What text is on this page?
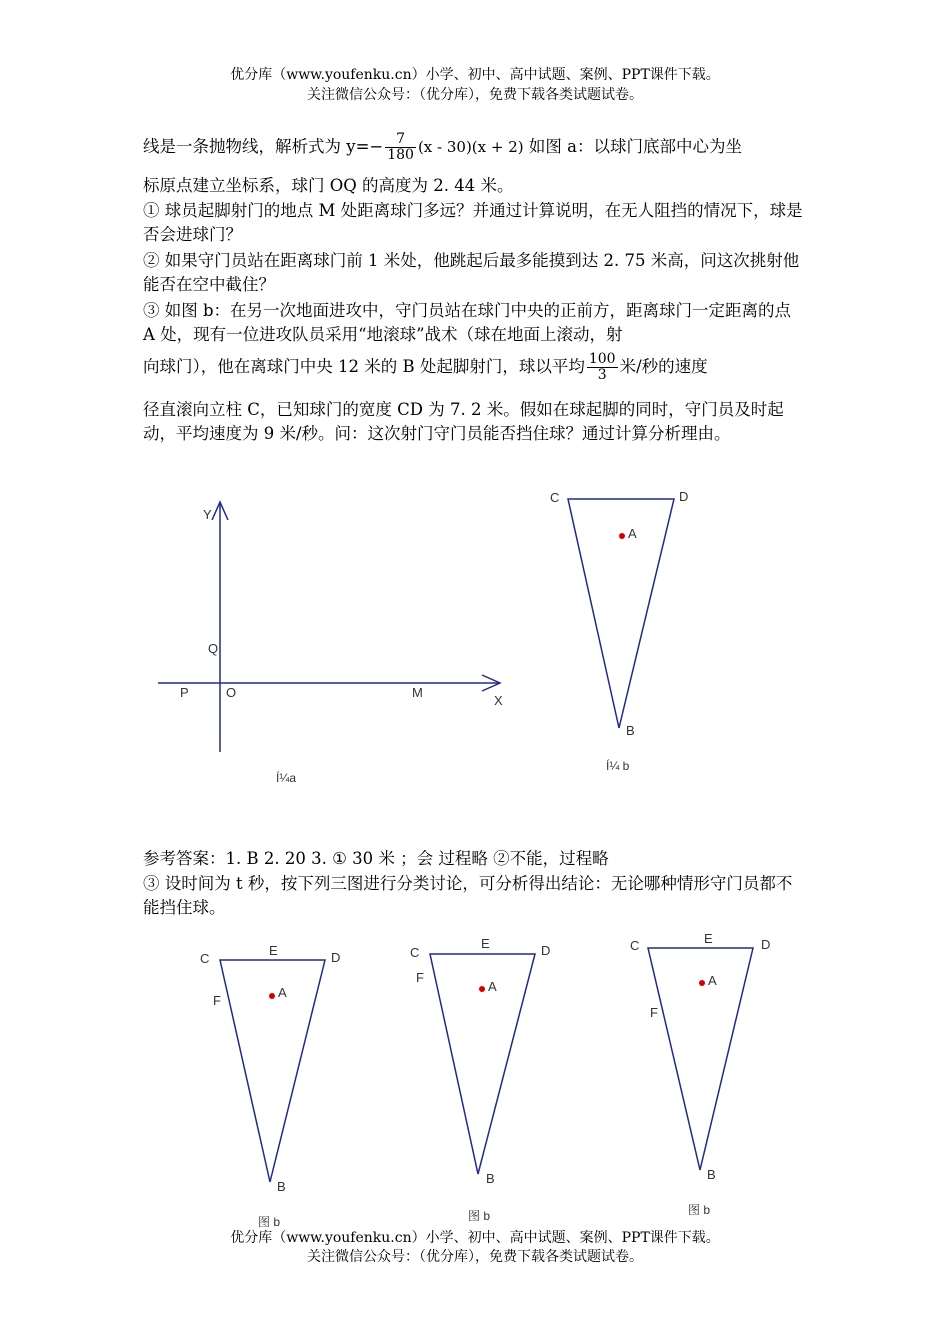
优分库（www.youfenku.cn）小学、初中、高中试题、案例、PPT课件下载。
关注微信公众号：（优分库），免费下载各类试题试卷。
线是一条抛物线，解析式为 $y=- \frac{7}{180} (x - 30)(x + 2)$ 如图 a：以球门底部中心为坐
标原点建立坐标系，球门 OQ 的高度为 2. 44 米。
① 球员起脚射门的地点 M 处距离球门多远？并通过计算说明，在无人阻挡的情况下，球是否会进球门？
② 如果守门员站在距离球门前 1 米处，他跳起后最多能摸到达 2. 75 米高，问这次挑射他能否在空中截住？
③ 如图 b：在另一次地面进攻中，守门员站在球门中央的正前方，距离球门一定距离的点 A 处，现有一位进攻队员采用“地滚球”战术（球在地面上滚动，射
向球门），他在离球门中央 12 米的 B 处起脚射门，球以平均 $\frac{100}{3}$ 米/秒的速度
径直滚向立柱 C，已知球门的宽度 CD 为 7. 2 米。假如在球起脚的同时，守门员及时起动，平均速度为 9 米/秒。问：这次射门守门员能否挡住球？通过计算分析理由。
Y
Q
P	O	M
X
Í¼a
C	D
A
B
Í¼ b
参考答案：1. B 2. 20 3. ① 30 米 ；会 过程略 ②不能，过程略
③ 设时间为 t 秒，按下列三图进行分类讨论，可分析得出结论：无论哪种情形守门员都不能挡住球。
C
E	D
F
A
B
图 b
C
E	D
F
A
B
图 b
C	E	D
F
A
B
图 b
优分库（www.youfenku.cn）小学、初中、高中试题、案例、PPT课件下载。
关注微信公众号：（优分库），免费下载各类试题试卷。
